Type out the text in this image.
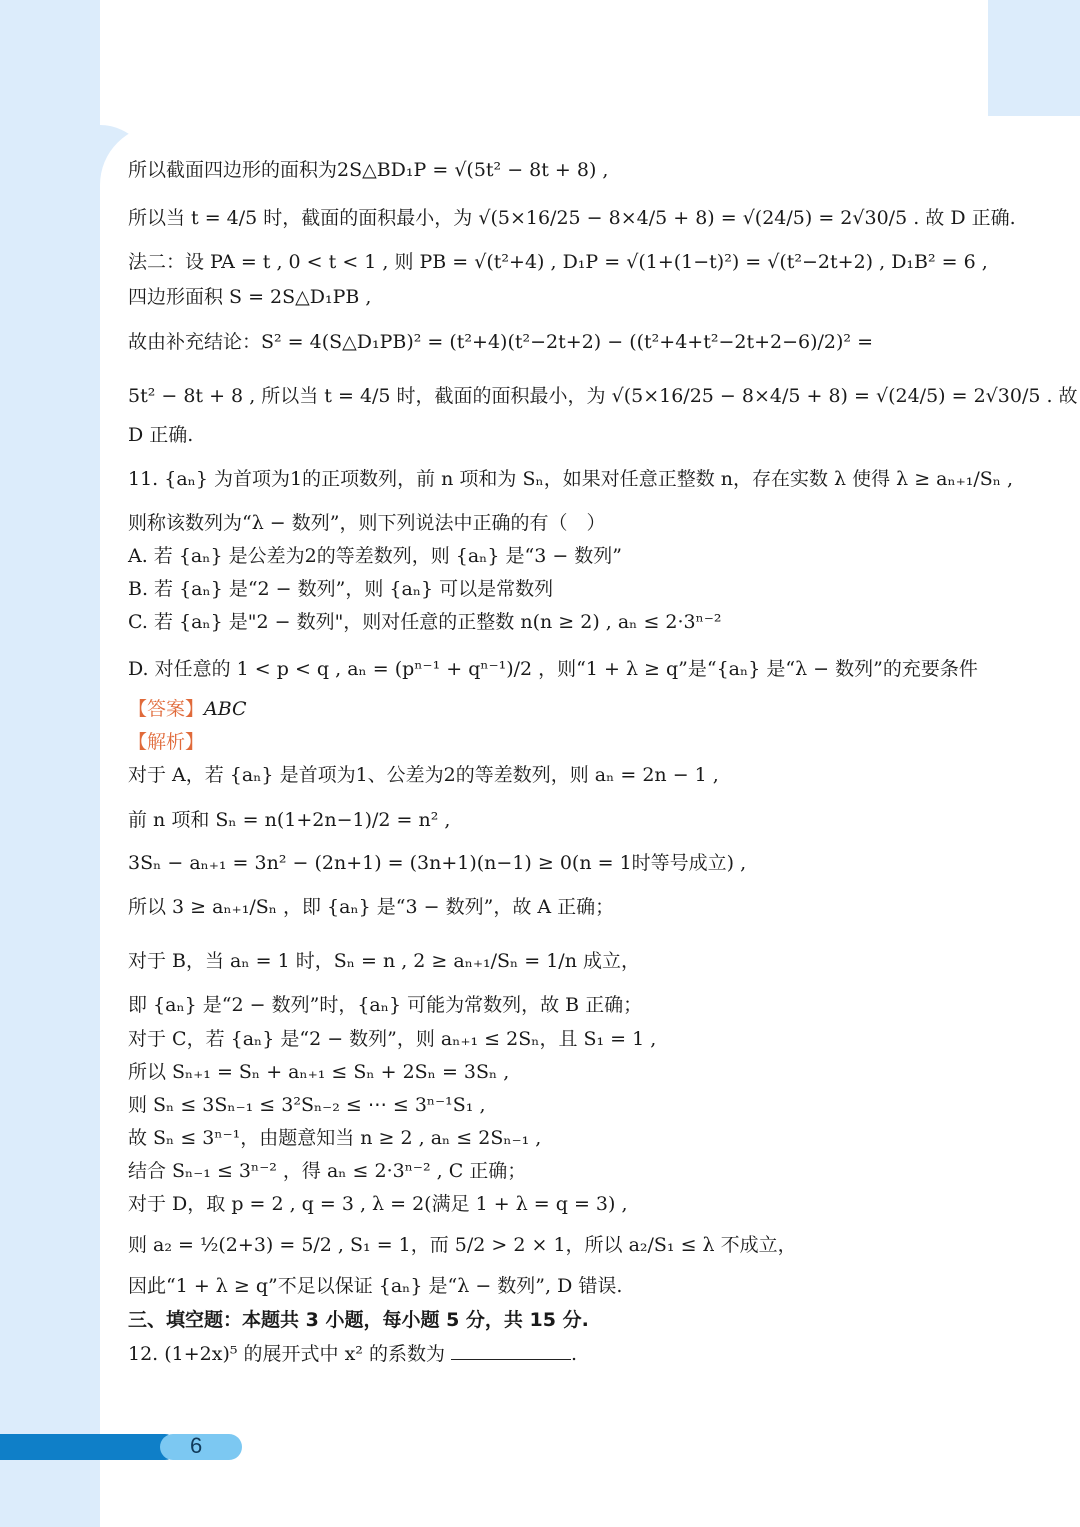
所以截面四边形的面积为2S△BD₁P = √(5t² − 8t + 8) ,
所以当 t = 4/5 时，截面的面积最小，为 √(5×16/25 − 8×4/5 + 8) = √(24/5) = 2√30/5 . 故 D 正确.
法二：设 PA = t , 0 < t < 1 , 则 PB = √(t²+4) , D₁P = √(1+(1−t)²) = √(t²−2t+2) , D₁B² = 6 ,
四边形面积 S = 2S△D₁PB ,
故由补充结论：S² = 4(S△D₁PB)² = (t²+4)(t²−2t+2) − ((t²+4+t²−2t+2−6)/2)² =
5t² − 8t + 8 , 所以当 t = 4/5 时，截面的面积最小，为 √(5×16/25 − 8×4/5 + 8) = √(24/5) = 2√30/5 . 故
D 正确.
11. {aₙ} 为首项为1的正项数列，前 n 项和为 Sₙ，如果对任意正整数 n，存在实数 λ 使得 λ ≥ aₙ₊₁/Sₙ ,
则称该数列为“λ − 数列”，则下列说法中正确的有（　）
A. 若 {aₙ} 是公差为2的等差数列，则 {aₙ} 是“3 − 数列”
B. 若 {aₙ} 是“2 − 数列”，则 {aₙ} 可以是常数列
C. 若 {aₙ} 是"2 − 数列"，则对任意的正整数 n(n ≥ 2) , aₙ ≤ 2·3ⁿ⁻²
D. 对任意的 1 < p < q , aₙ = (pⁿ⁻¹ + qⁿ⁻¹)/2 ，则“1 + λ ≥ q”是“{aₙ} 是“λ − 数列”的充要条件
【答案】ABC
【解析】
对于 A，若 {aₙ} 是首项为1、公差为2的等差数列，则 aₙ = 2n − 1 ,
前 n 项和 Sₙ = n(1+2n−1)/2 = n² ,
3Sₙ − aₙ₊₁ = 3n² − (2n+1) = (3n+1)(n−1) ≥ 0(n = 1时等号成立) ,
所以 3 ≥ aₙ₊₁/Sₙ ，即 {aₙ} 是“3 − 数列”，故 A 正确；
对于 B，当 aₙ = 1 时，Sₙ = n , 2 ≥ aₙ₊₁/Sₙ = 1/n 成立，
即 {aₙ} 是“2 − 数列”时，{aₙ} 可能为常数列，故 B 正确；
对于 C，若 {aₙ} 是“2 − 数列”，则 aₙ₊₁ ≤ 2Sₙ，且 S₁ = 1 ,
所以 Sₙ₊₁ = Sₙ + aₙ₊₁ ≤ Sₙ + 2Sₙ = 3Sₙ ,
则 Sₙ ≤ 3Sₙ₋₁ ≤ 3²Sₙ₋₂ ≤ ⋯ ≤ 3ⁿ⁻¹S₁ ,
故 Sₙ ≤ 3ⁿ⁻¹，由题意知当 n ≥ 2 , aₙ ≤ 2Sₙ₋₁ ,
结合 Sₙ₋₁ ≤ 3ⁿ⁻² ，得 aₙ ≤ 2·3ⁿ⁻² , C 正确；
对于 D，取 p = 2 , q = 3 , λ = 2(满足 1 + λ = q = 3) ,
则 a₂ = ½(2+3) = 5/2 , S₁ = 1，而 5/2 > 2 × 1，所以 a₂/S₁ ≤ λ 不成立，
因此“1 + λ ≥ q”不足以保证 {aₙ} 是“λ − 数列”, D 错误.
三、填空题：本题共 3 小题，每小题 5 分，共 15 分.
12. (1+2x)⁵ 的展开式中 x² 的系数为	.
6
